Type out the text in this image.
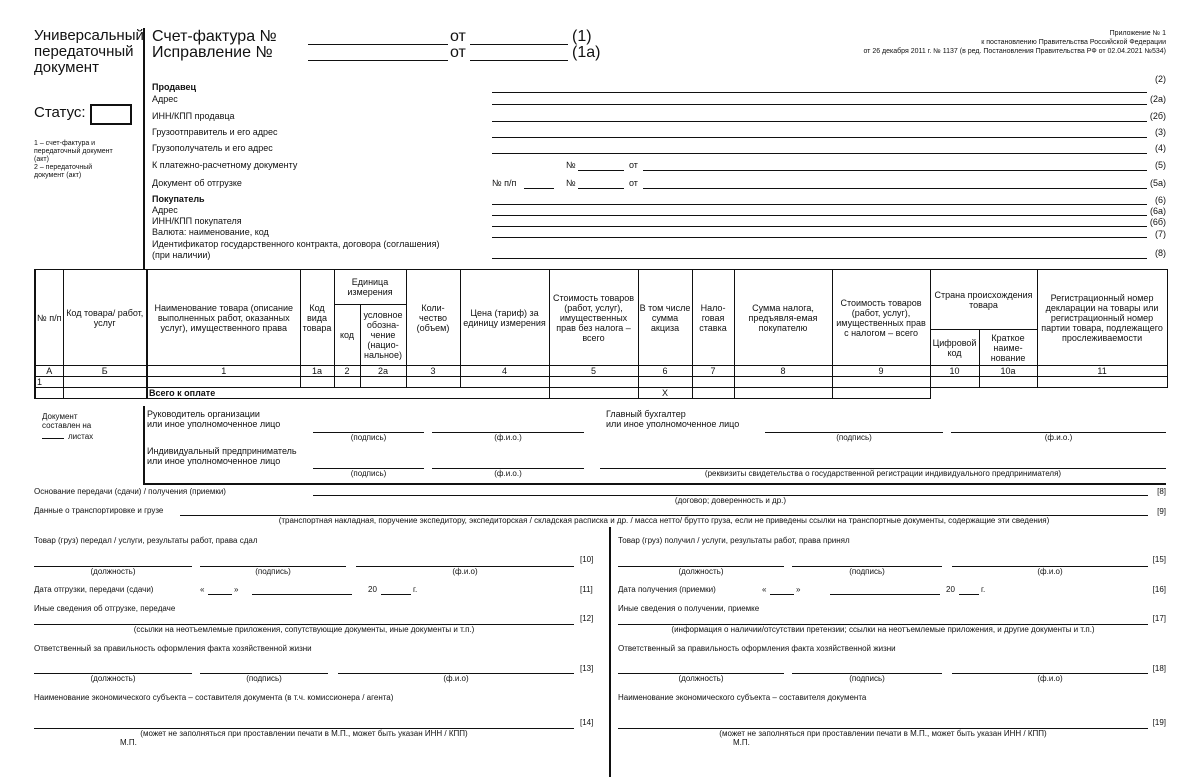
Универсальный
передаточный
документ
Статус:
1 – счет-фактура и
передаточный документ
(акт)
2 – передаточный
документ (акт)
Счет-фактура №	от	(1)
Исправление №	от	(1а)
Приложение № 1
к постановлению Правительства Российской Федерации
от 26 декабря 2011 г. № 1137 (в ред. Постановления Правительства РФ от 02.04.2021 №534)
Продавец
(2)
Адрес	(2а)
ИНН/КПП продавца	(2б)
Грузоотправитель и его адрес	(3)
Грузополучатель и его адрес	(4)
К платежно-расчетному документу	№	от	(5)
Документ об отгрузке	№ п/п	№	от	(5а)
Покупатель	(6)
Адрес	(6а)
ИНН/КПП покупателя	(6б)
Валюта: наименование, код	(7)
Идентификатор государственного контракта, договора (соглашения)
(при наличии)	(8)
№ п/п	Код товара/ работ, услуг	Наименование товара (описание выполненных работ, оказанных услуг), имущественного права	Код вида товара	Единица измерения		Коли-чество (объем)	Цена (тариф) за единицу измерения	Стоимость товаров (работ, услуг), имущественных прав без налога – всего	В том числе сумма акциза	Нало-говая ставка	Сумма налога, предъявля-емая покупателю	Стоимость товаров (работ, услуг), имущественных прав с налогом – всего	Страна происхождения товара		Регистрационный номер декларации на товары или регистрационный номер партии товара, подлежащего прослеживаемости
				код	условное обозна-чение (нацио-нальное)										
													Цифровой код	Краткое наиме-нование	
А	Б	1	1а	2	2а	3	4	5	6	7	8	9	10	10а	11
1															
		Всего к оплате							X						
Документ
составлен на
листах
Руководитель организации
или иное уполномоченное лицо
(подпись)	(ф.и.о.)
Главный бухгалтер
или иное уполномоченное лицо
(подпись)	(ф.и.о.)
Индивидуальный предприниматель
или иное уполномоченное лицо
(подпись)	(ф.и.о.)	(реквизиты свидетельства о государственной регистрации индивидуального предпринимателя)
Основание передачи (сдачи) / получения (приемки)
(договор; доверенность и др.)
[8]
Данные о транспортировке и грузе
(транспортная накладная, поручение экспедитору, экспедиторская / складская расписка и др. / масса нетто/ брутто груза, если не приведены ссылки на транспортные документы, содержащие эти сведения)
[9]
Товар (груз) передал / услуги, результаты работ, права сдал
(должность)	(подпись)	(ф.и.о)
[10]
Дата отгрузки, передачи (сдачи)	«	»	20	г.	[11]
Иные сведения об отгрузке, передаче
(ссылки на неотъемлемые приложения, сопутствующие документы, иные документы и т.п.)
[12]
Ответственный за правильность оформления факта хозяйственной жизни
(должность)	(подпись)	(ф.и.о)
[13]
Наименование экономического субъекта – составителя документа (в т.ч. комиссионера / агента)
(может не заполняться при проставлении печати в М.П., может быть указан ИНН / КПП)
[14]
М.П.
Товар (груз) получил / услуги, результаты работ, права принял
(должность)	(подпись)	(ф.и.о)
[15]
Дата получения (приемки)	«	»	20	г.	[16]
Иные сведения о получении, приемке
(информация о наличии/отсутствии претензии; ссылки на неотъемлемые приложения, и другие документы и т.п.)
[17]
Ответственный за правильность оформления факта хозяйственной жизни
(должность)	(подпись)	(ф.и.о)
[18]
Наименование экономического субъекта – составителя документа
(может не заполняться при проставлении печати в М.П., может быть указан ИНН / КПП)
[19]
М.П.
